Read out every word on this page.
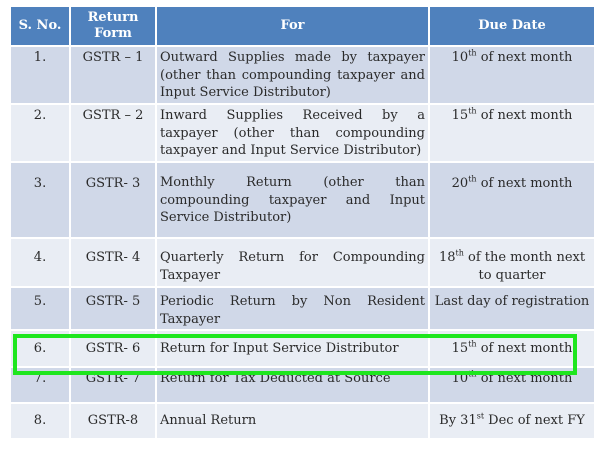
S. No.	Return Form	For	Due Date
1.	GSTR – 1	Outward Supplies made by taxpayer (other than compounding taxpayer and Input Service Distributor)	10th of next month
2.	GSTR – 2	Inward Supplies Received by a taxpayer (other than compounding taxpayer and Input Service Distributor)	15th of next month
3.	GSTR- 3	Monthly Return (other than compounding taxpayer and Input Service Distributor)	20th of next month
4.	GSTR- 4	Quarterly Return for Compounding Taxpayer	18th of the month next to quarter
5.	GSTR- 5	Periodic Return by Non Resident Taxpayer	Last day of registration
6.	GSTR- 6	Return for Input Service Distributor	15th of next month
7.	GSTR- 7	Return for Tax Deducted at Source	10th of next month
8.	GSTR-8	Annual Return	By 31st Dec of next FY
